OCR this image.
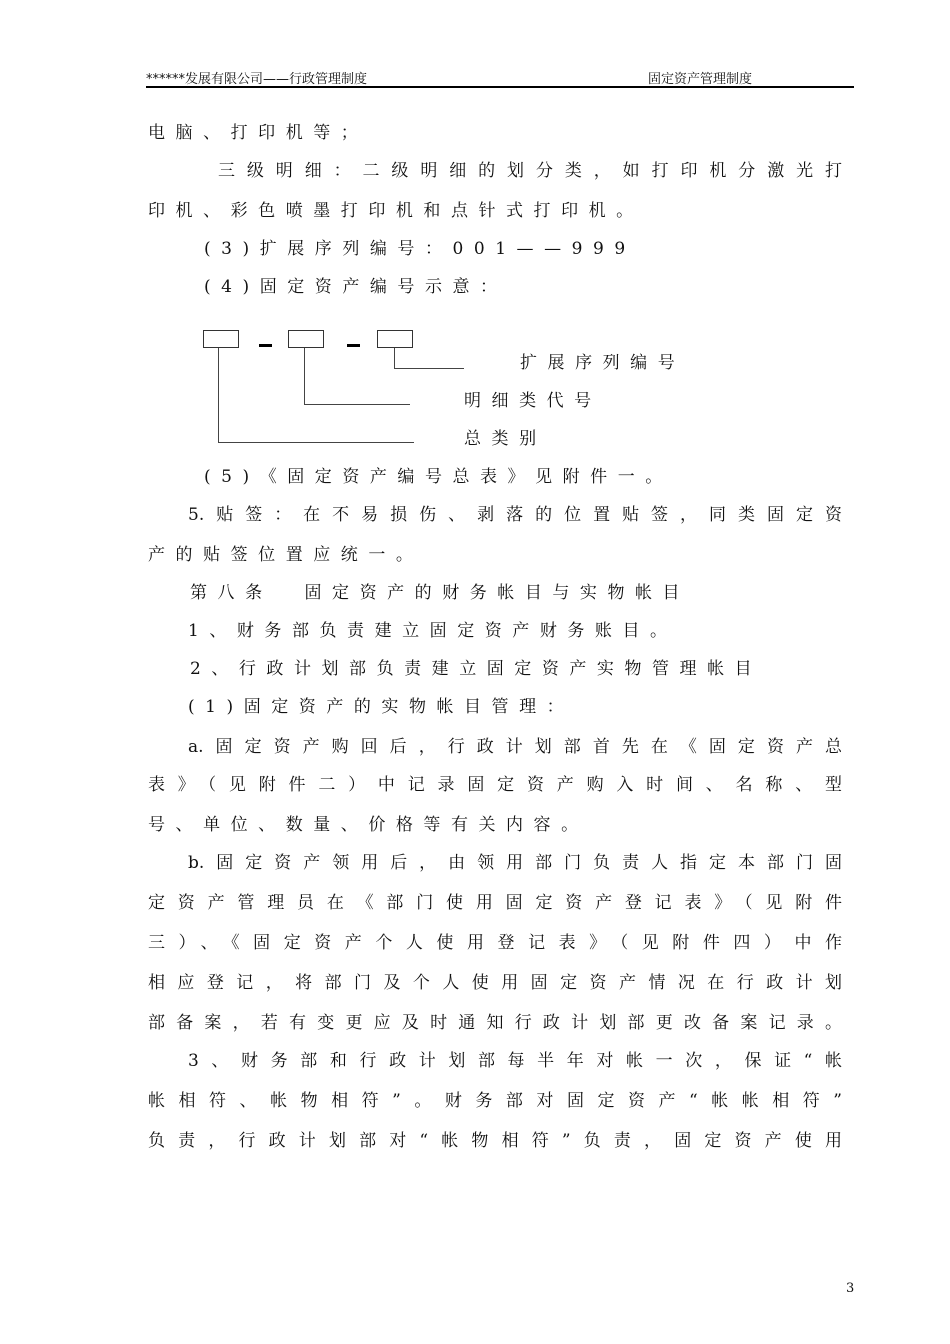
******发展有限公司——行政管理制度	固定资产管理制度
电脑、打印机等；
三级明细：二级明细的划分类，如打印机分激光打
印机、彩色喷墨打印机和点针式打印机。
(3)扩展序列编号：001——999
(4)固定资产编号示意：
扩展序列编号
明细类代号
总类别
(5)《固定资产编号总表》见附件一。
5.贴签：在不易损伤、剥落的位置贴签，同类固定资
产的贴签位置应统一。
第八条  固定资产的财务帐目与实物帐目
1、财务部负责建立固定资产财务账目。
2、行政计划部负责建立固定资产实物管理帐目
(1)固定资产的实物帐目管理：
a.固定资产购回后，行政计划部首先在《固定资产总
表》（见附件二）中记录固定资产购入时间、名称、型
号、单位、数量、价格等有关内容。
b.固定资产领用后，由领用部门负责人指定本部门固
定资产管理员在《部门使用固定资产登记表》（见附件
三）、《固定资产个人使用登记表》（见附件四）中作
相应登记，将部门及个人使用固定资产情况在行政计划
部备案，若有变更应及时通知行政计划部更改备案记录。
3、财务部和行政计划部每半年对帐一次，保证“帐
帐相符、帐物相符”。财务部对固定资产“帐帐相符”
负责，行政计划部对“帐物相符”负责，固定资产使用
3
